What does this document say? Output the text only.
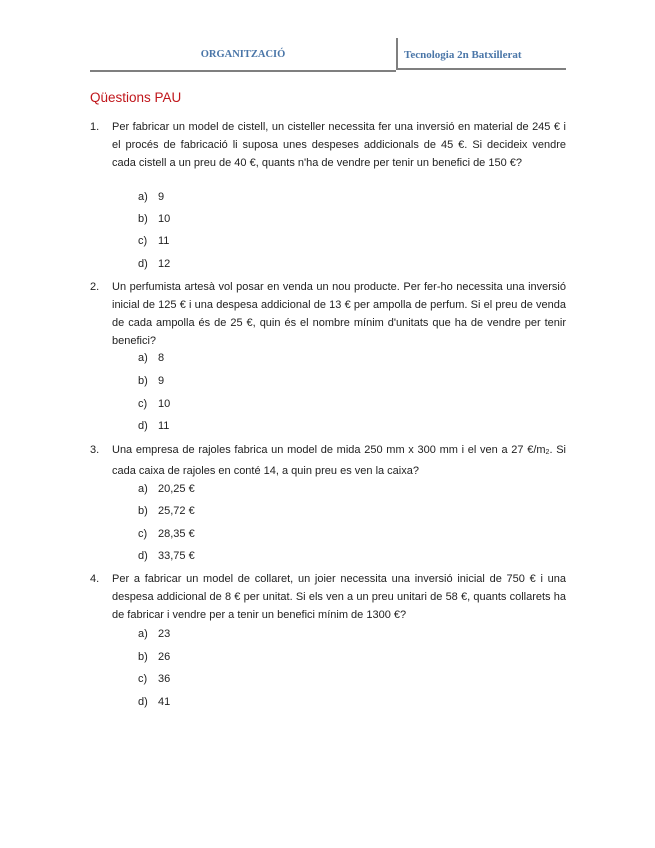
ORGANITZACIÓ	Tecnologia 2n Batxillerat
Qüestions PAU
1. Per fabricar un model de cistell, un cisteller necessita fer una inversió en material de 245 € i el procés de fabricació li suposa unes despeses addicionals de 45 €. Si decideix vendre cada cistell a un preu de 40 €, quants n'ha de vendre per tenir un benefici de 150 €?
a) 9
b) 10
c) 11
d) 12
2. Un perfumista artesà vol posar en venda un nou producte. Per fer-ho necessita una inversió inicial de 125 € i una despesa addicional de 13 € per ampolla de perfum. Si el preu de venda de cada ampolla és de 25 €, quin és el nombre mínim d'unitats que ha de vendre per tenir benefici?
a) 8
b) 9
c) 10
d) 11
3. Una empresa de rajoles fabrica un model de mida 250 mm x 300 mm i el ven a 27 €/m2. Si cada caixa de rajoles en conté 14, a quin preu es ven la caixa?
a) 20,25 €
b) 25,72 €
c) 28,35 €
d) 33,75 €
4. Per a fabricar un model de collaret, un joier necessita una inversió inicial de 750 € i una despesa addicional de 8 € per unitat. Si els ven a un preu unitari de 58 €, quants collarets ha de fabricar i vendre per a tenir un benefici mínim de 1300 €?
a) 23
b) 26
c) 36
d) 41
